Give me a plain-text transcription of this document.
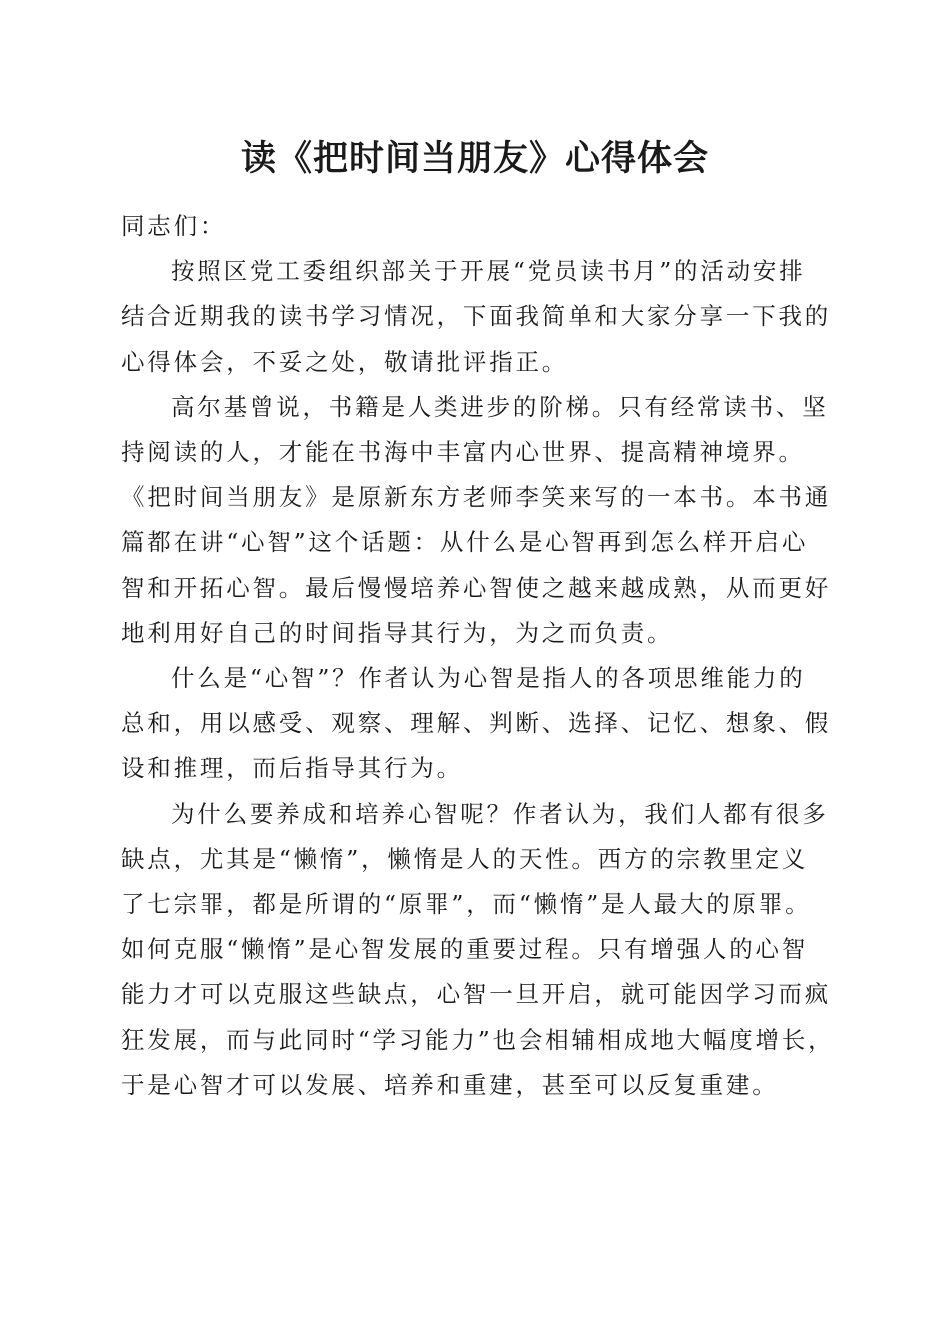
读《把时间当朋友》心得体会

同志们：

按照区党工委组织部关于开展“党员读书月”的活动安排
结合近期我的读书学习情况，下面我简单和大家分享一下我的
心得体会，不妥之处，敬请批评指正。

高尔基曾说，书籍是人类进步的阶梯。只有经常读书、坚
持阅读的人，才能在书海中丰富内心世界、提高精神境界。
《把时间当朋友》是原新东方老师李笑来写的一本书。本书通
篇都在讲“心智”这个话题：从什么是心智再到怎么样开启心
智和开拓心智。最后慢慢培养心智使之越来越成熟，从而更好
地利用好自己的时间指导其行为，为之而负责。

什么是“心智”？作者认为心智是指人的各项思维能力的
总和，用以感受、观察、理解、判断、选择、记忆、想象、假
设和推理，而后指导其行为。

为什么要养成和培养心智呢？作者认为，我们人都有很多
缺点，尤其是“懒惰”，懒惰是人的天性。西方的宗教里定义
了七宗罪，都是所谓的“原罪”，而“懒惰”是人最大的原罪。
如何克服“懒惰”是心智发展的重要过程。只有增强人的心智
能力才可以克服这些缺点，心智一旦开启，就可能因学习而疯
狂发展，而与此同时“学习能力”也会相辅相成地大幅度增长，
于是心智才可以发展、培养和重建，甚至可以反复重建。
